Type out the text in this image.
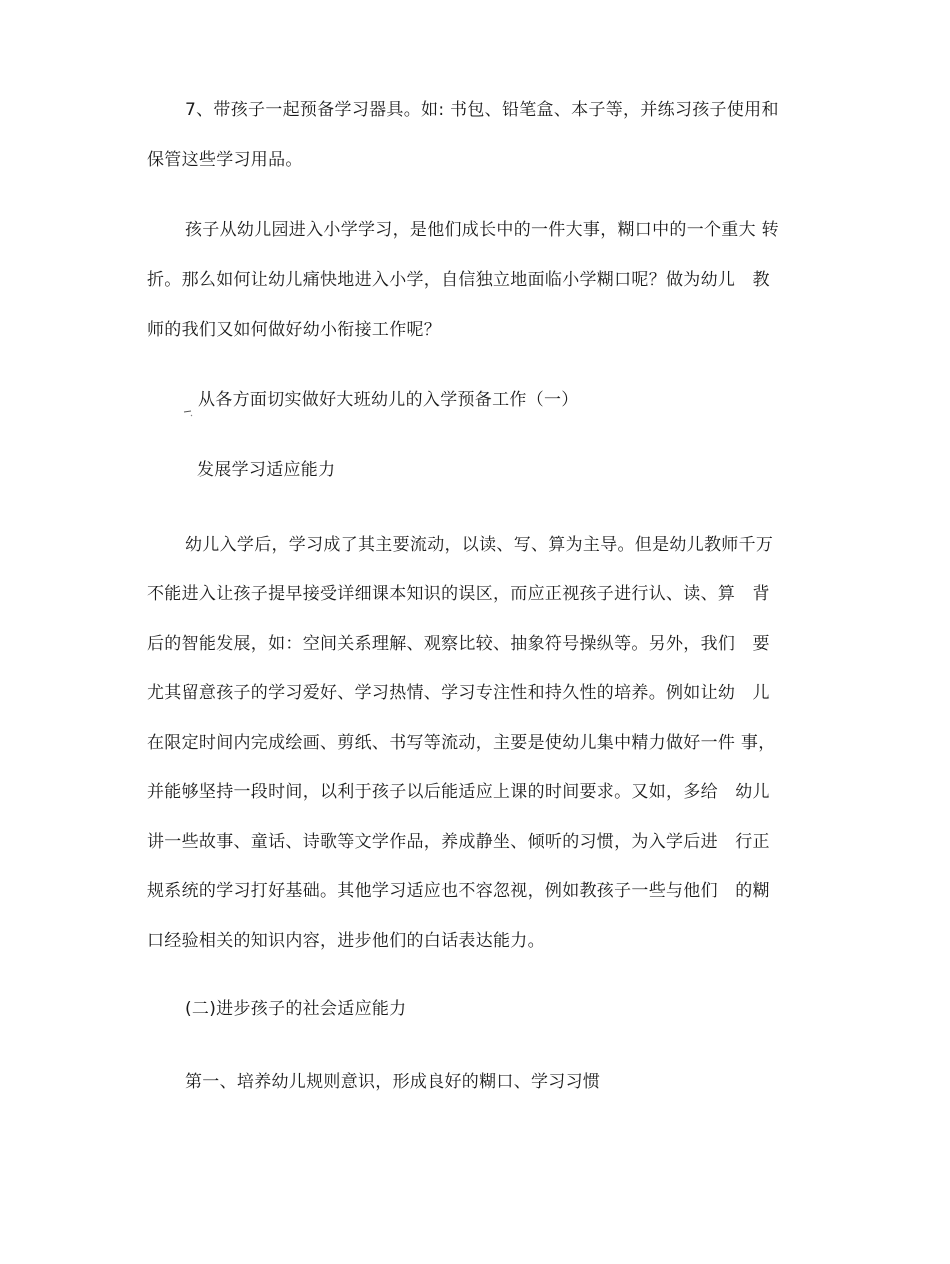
7、带孩子一起预备学习器具。如: 书包、铅笔盒、本子等，并练习孩子使用和
保管这些学习用品。
孩子从幼儿园进入小学学习，是他们成长中的一件大事，糊口中的一个重大 转
折。那么如何让幼儿痛快地进入小学，自信独立地面临小学糊口呢？做为幼儿　教
师的我们又如何做好幼小衔接工作呢？
从各方面切实做好大班幼儿的入学预备工作（一）
发展学习适应能力
幼儿入学后，学习成了其主要流动，以读、写、算为主导。但是幼儿教师千万
不能进入让孩子提早接受详细课本知识的误区，而应正视孩子进行认、读、算　背
后的智能发展，如：空间关系理解、观察比较、抽象符号操纵等。另外，我们　要
尤其留意孩子的学习爱好、学习热情、学习专注性和持久性的培养。例如让幼　儿
在限定时间内完成绘画、剪纸、书写等流动，主要是使幼儿集中精力做好一件 事，
并能够坚持一段时间，以利于孩子以后能适应上课的时间要求。又如，多给　幼儿
讲一些故事、童话、诗歌等文学作品，养成静坐、倾听的习惯，为入学后进　行正
规系统的学习打好基础。其他学习适应也不容忽视，例如教孩子一些与他们　的糊
口经验相关的知识内容，进步他们的白话表达能力。
(二)进步孩子的社会适应能力
第一、培养幼儿规则意识，形成良好的糊口、学习习惯
